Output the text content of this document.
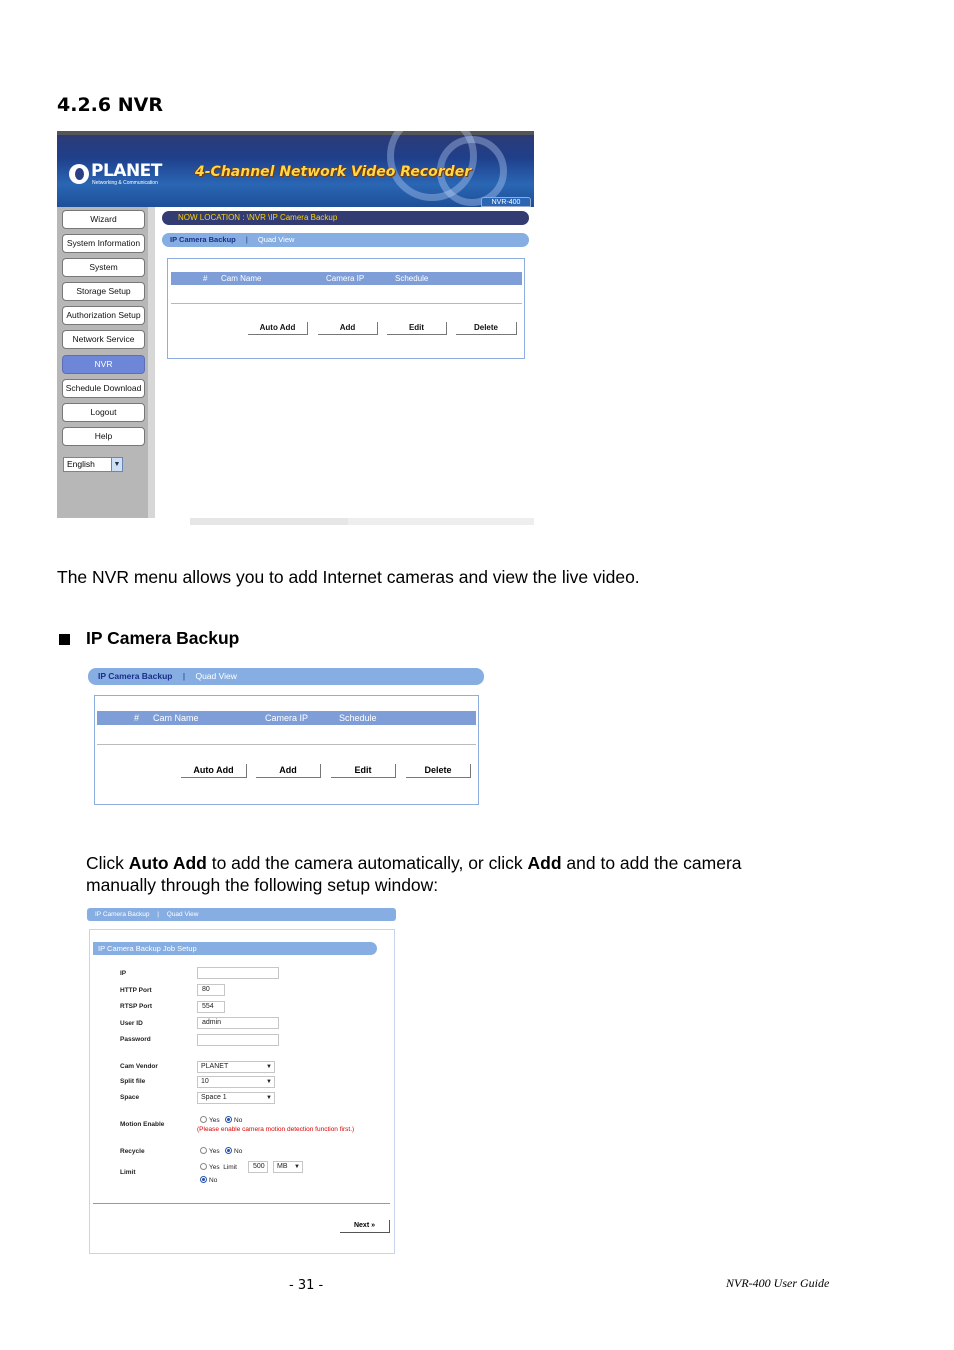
4.2.6 NVR
PLANET
Networking & Communication
4-Channel Network Video Recorder
NVR-400
Wizard
System Information
System
Storage Setup
Authorization Setup
Network Service
NVR
Schedule Download
Logout
Help
English	▼
NOW LOCATION : \NVR \IP Camera Backup
IP Camera Backup | Quad View
# Cam Name	Camera IP	Schedule
Auto Add	Add	Edit	Delete
The NVR menu allows you to add Internet cameras and view the live video.
IP Camera Backup
IP Camera Backup | Quad View
# Cam Name	Camera IP	Schedule
Auto Add	Add	Edit	Delete
Click Auto Add to add the camera automatically, or click Add and to add the camera
manually through the following setup window:
IP Camera Backup | Quad View
IP Camera Backup Job Setup
IP
HTTP Port	80
RTSP Port	554
User ID	admin
Password
Cam Vendor	PLANET	▼
Split file	10	▼
Space	Space 1	▼
Motion Enable
Yes No
(Please enable camera motion detection function first.)
Recycle	Yes No
Limit
Yes Limit	500	MB ▼
No
Next »
- 31 -	NVR-400 User Guide
